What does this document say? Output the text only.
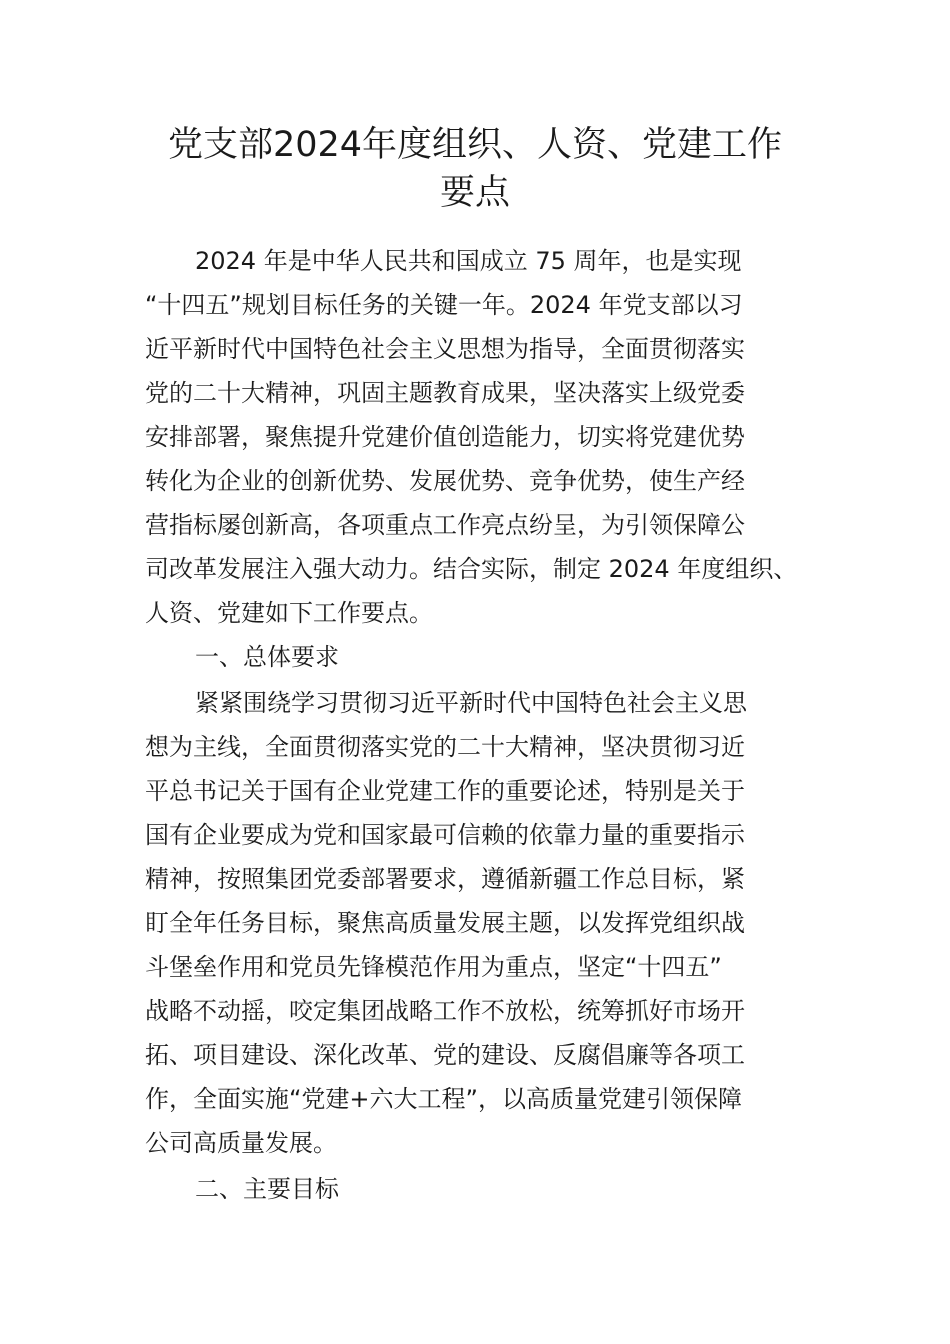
党支部2024年度组织、人资、党建工作
要点

2024 年是中华人民共和国成立 75 周年，也是实现

“十四五”规划目标任务的关键一年。2024 年党支部以习

近平新时代中国特色社会主义思想为指导，全面贯彻落实

党的二十大精神，巩固主题教育成果，坚决落实上级党委

安排部署，聚焦提升党建价值创造能力，切实将党建优势

转化为企业的创新优势、发展优势、竞争优势，使生产经

营指标屡创新高，各项重点工作亮点纷呈，为引领保障公

司改革发展注入强大动力。结合实际，制定 2024 年度组织、

人资、党建如下工作要点。

一、总体要求

紧紧围绕学习贯彻习近平新时代中国特色社会主义思

想为主线，全面贯彻落实党的二十大精神，坚决贯彻习近

平总书记关于国有企业党建工作的重要论述，特别是关于

国有企业要成为党和国家最可信赖的依靠力量的重要指示

精神，按照集团党委部署要求，遵循新疆工作总目标，紧

盯全年任务目标，聚焦高质量发展主题，以发挥党组织战

斗堡垒作用和党员先锋模范作用为重点，坚定“十四五”

战略不动摇，咬定集团战略工作不放松，统筹抓好市场开

拓、项目建设、深化改革、党的建设、反腐倡廉等各项工

作，全面实施“党建+六大工程”，以高质量党建引领保障

公司高质量发展。

二、主要目标
